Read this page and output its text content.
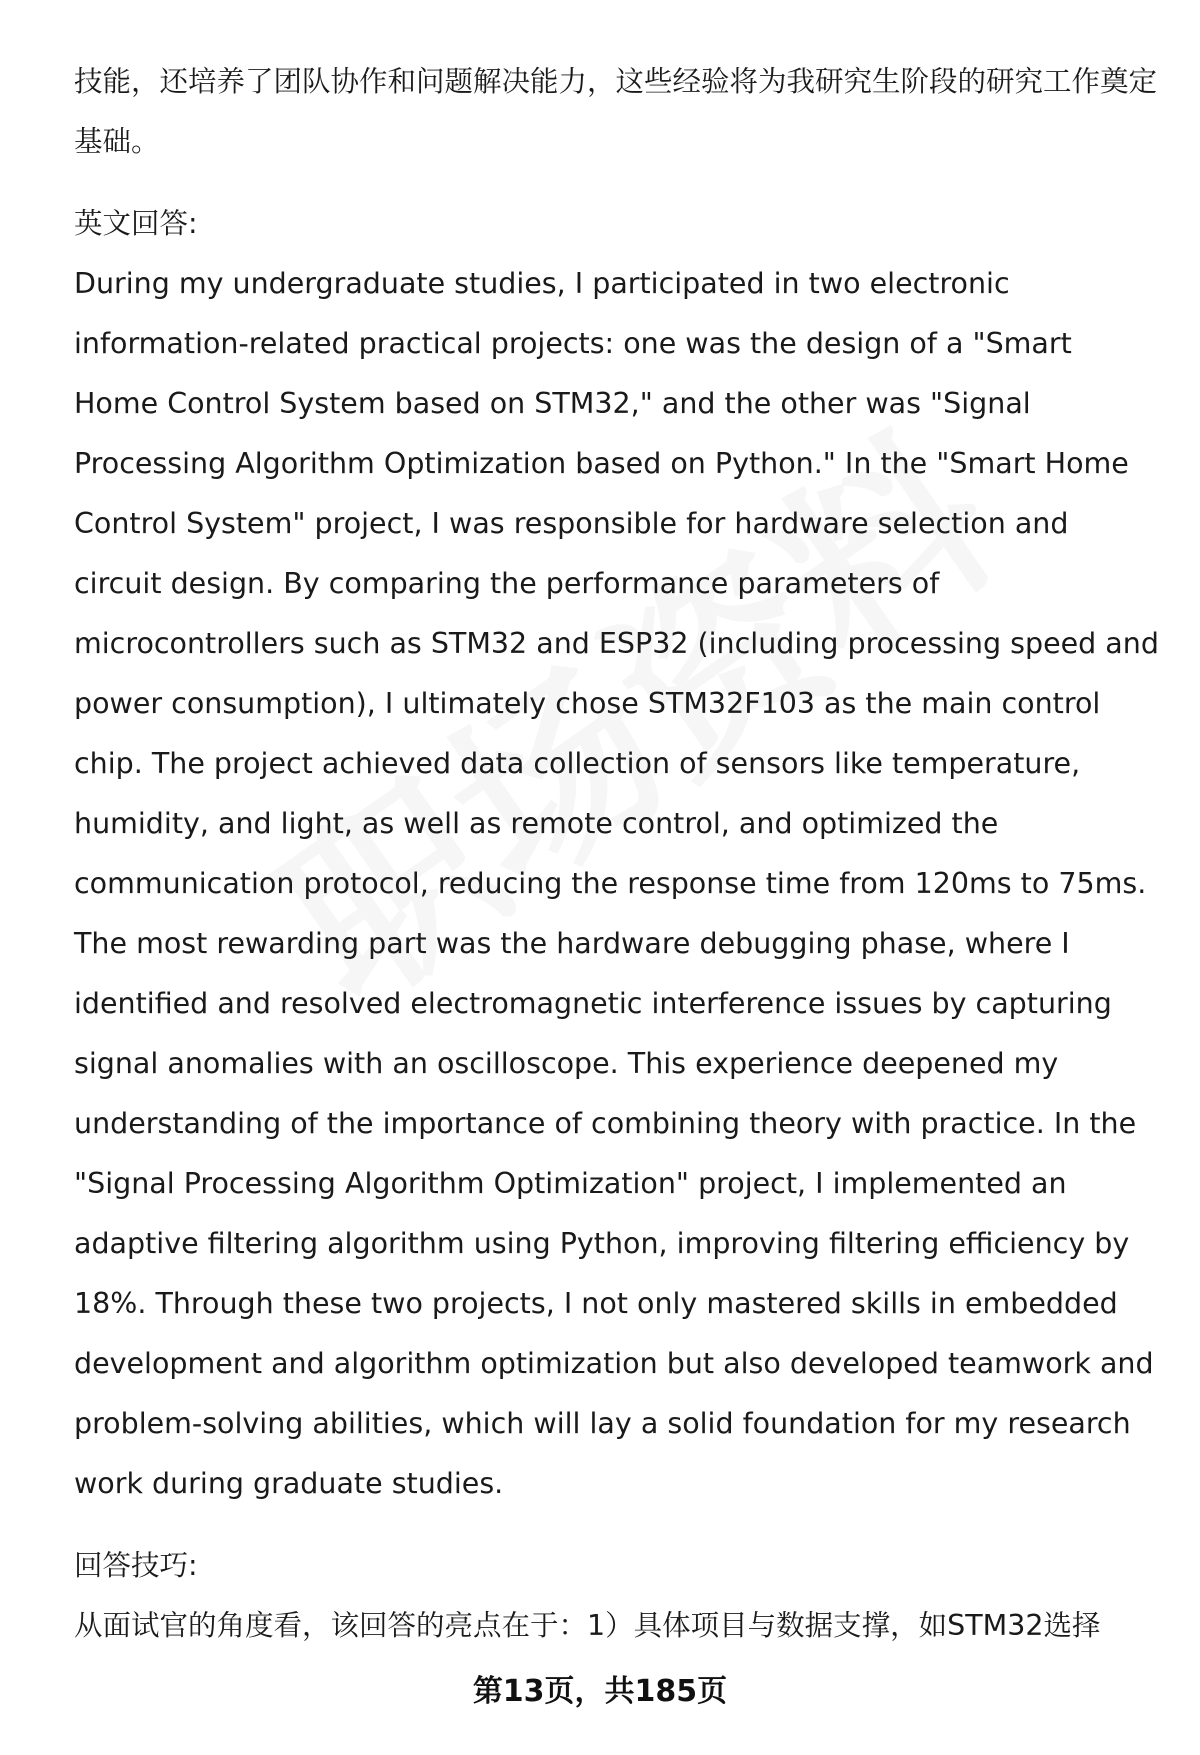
技能，还培养了团队协作和问题解决能力，这些经验将为我研究生阶段的研究工作奠定基础。

英文回答:

During my undergraduate studies, I participated in two electronic information-related practical projects: one was the design of a "Smart Home Control System based on STM32," and the other was "Signal Processing Algorithm Optimization based on Python." In the "Smart Home Control System" project, I was responsible for hardware selection and circuit design. By comparing the performance parameters of microcontrollers such as STM32 and ESP32 (including processing speed and power consumption), I ultimately chose STM32F103 as the main control chip. The project achieved data collection of sensors like temperature, humidity, and light, as well as remote control, and optimized the communication protocol, reducing the response time from 120ms to 75ms. The most rewarding part was the hardware debugging phase, where I identified and resolved electromagnetic interference issues by capturing signal anomalies with an oscilloscope. This experience deepened my understanding of the importance of combining theory with practice. In the "Signal Processing Algorithm Optimization" project, I implemented an adaptive filtering algorithm using Python, improving filtering efficiency by 18%. Through these two projects, I not only mastered skills in embedded development and algorithm optimization but also developed teamwork and problem-solving abilities, which will lay a solid foundation for my research work during graduate studies.

回答技巧:

从面试官的角度看，该回答的亮点在于：1）具体项目与数据支撑，如STM32选择

第13页，共185页
